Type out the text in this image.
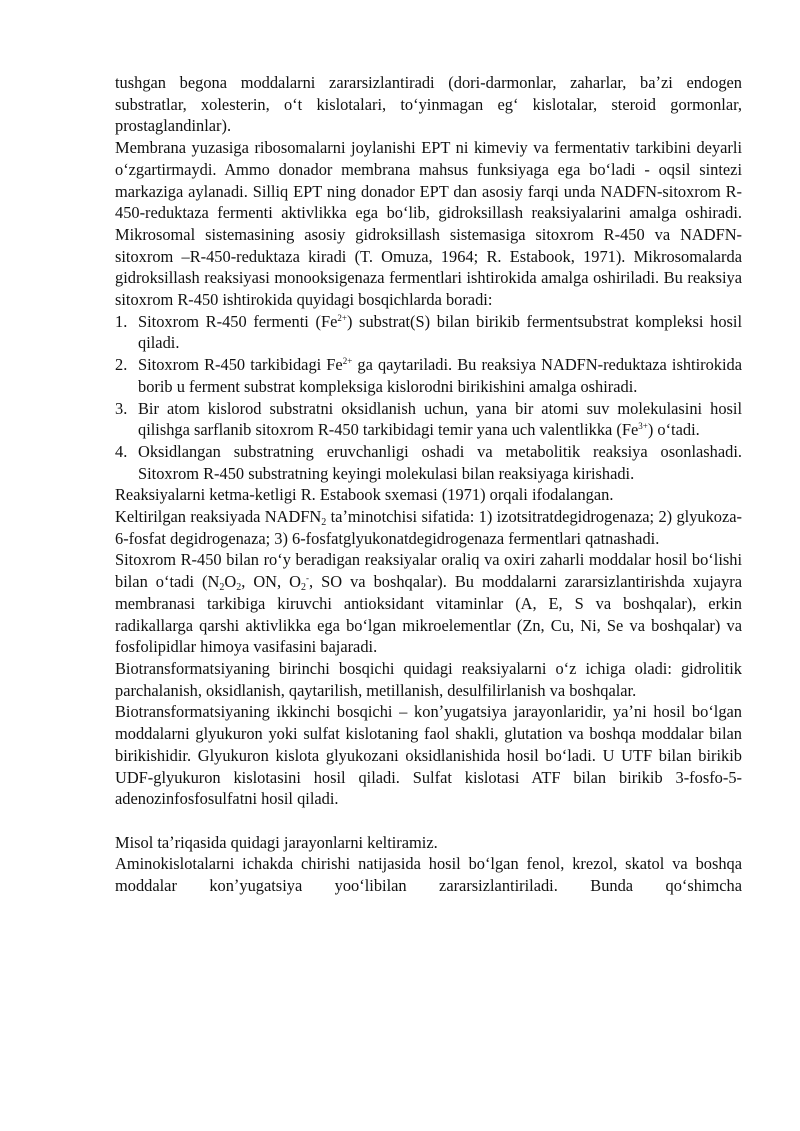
tushgan begona moddalarni zararsizlantiradi (dori-darmonlar, zaharlar, baʼzi endogen substratlar, xolesterin, oʻt kislotalari, toʻyinmagan egʻ kislotalar, steroid gormonlar, prostaglandinlar).

Membrana yuzasiga ribosomalarni joylanishi EPT ni kimeviy va fermentativ tarkibini deyarli oʻzgartirmaydi. Ammo donador membrana mahsus funksiyaga ega boʻladi - oqsil sintezi markaziga aylanadi. Silliq EPT ning donador EPT dan asosiy farqi unda NADFN-sitoxrom R-450-reduktaza fermenti aktivlikka ega boʻlib, gidroksillash reaksiyalarini amalga oshiradi. Mikrosomal sistemasining asosiy gidroksillash sistemasiga sitoxrom R-450 va NADFN-sitoxrom –R-450-reduktaza kiradi (T. Omuza, 1964; R. Estabook, 1971). Mikrosomalarda gidroksillash reaksiyasi monooksigenaza fermentlari ishtirokida amalga oshiriladi. Bu reaksiya sitoxrom R-450 ishtirokida quyidagi bosqichlarda boradi:

1. Sitoxrom R-450 fermenti $(Fe^{2+})$ substrat(S) bilan birikib fermentsubstrat kompleksi hosil qiladi.
2. Sitoxrom R-450 tarkibidagi $Fe^{2+}$ ga qaytariladi. Bu reaksiya NADFN-reduktaza ishtirokida borib u ferment substrat kompleksiga kislorodni birikishini amalga oshiradi.
3. Bir atom kislorod substratni oksidlanish uchun, yana bir atomi suv molekulasini hosil qilishga sarflanib sitoxrom R-450 tarkibidagi temir yana uch valentlikka $(Fe^{3+})$ oʻtadi.
4. Oksidlangan substratning eruvchanligi oshadi va metabolitik reaksiya osonlashadi. Sitoxrom R-450 substratning keyingi molekulasi bilan reaksiyaga kirishadi.

Reaksiyalarni ketma-ketligi R. Estabook sxemasi (1971) orqali ifodalangan.

Keltirilgan reaksiyada $NADFN_2$ taʼminotchisi sifatida: 1) izotsitratdegidrogenaza; 2) glyukoza-6-fosfat degidrogenaza; 3) 6-fosfatglyukonatdegidrogenaza fermentlari qatnashadi.

Sitoxrom R-450 bilan roʻy beradigan reaksiyalar oraliq va oxiri zaharli moddalar hosil boʻlishi bilan oʻtadi ($N_2O_2$, ON, $O_2^-$, SO va boshqalar). Bu moddalarni zararsizlantirishda xujayra membranasi tarkibiga kiruvchi antioksidant vitaminlar (A, E, S va boshqalar), erkin radikallarga qarshi aktivlikka ega boʻlgan mikroelementlar (Zn, Cu, Ni, Se va boshqalar) va fosfolipidlar himoya vasifasini bajaradi.

Biotransformatsiyaning birinchi bosqichi quidagi reaksiyalarni oʻz ichiga oladi: gidrolitik parchalanish, oksidlanish, qaytarilish, metillanish, desulfilirlanish va boshqalar.

Biotransformatsiyaning ikkinchi bosqichi – konʼyugatsiya jarayonlaridir, yaʼni hosil boʻlgan moddalarni glyukuron yoki sulfat kislotaning faol shakli, glutation va boshqa moddalar bilan birikishidir. Glyukuron kislota glyukozani oksidlanishida hosil boʻladi. U UTF bilan birikib UDF-glyukuron kislotasini hosil qiladi. Sulfat kislotasi ATF bilan birikib 3-fosfo-5-adenozinfosfosulfatni hosil qiladi.

Misol taʼriqasida quidagi jarayonlarni keltiramiz.

Aminokislotalarni ichakda chirishi natijasida hosil boʻlgan fenol, krezol, skatol va boshqa moddalar konʼyugatsiya yooʻlibilan zararsizlantiriladi. Bunda qoʻshimcha
